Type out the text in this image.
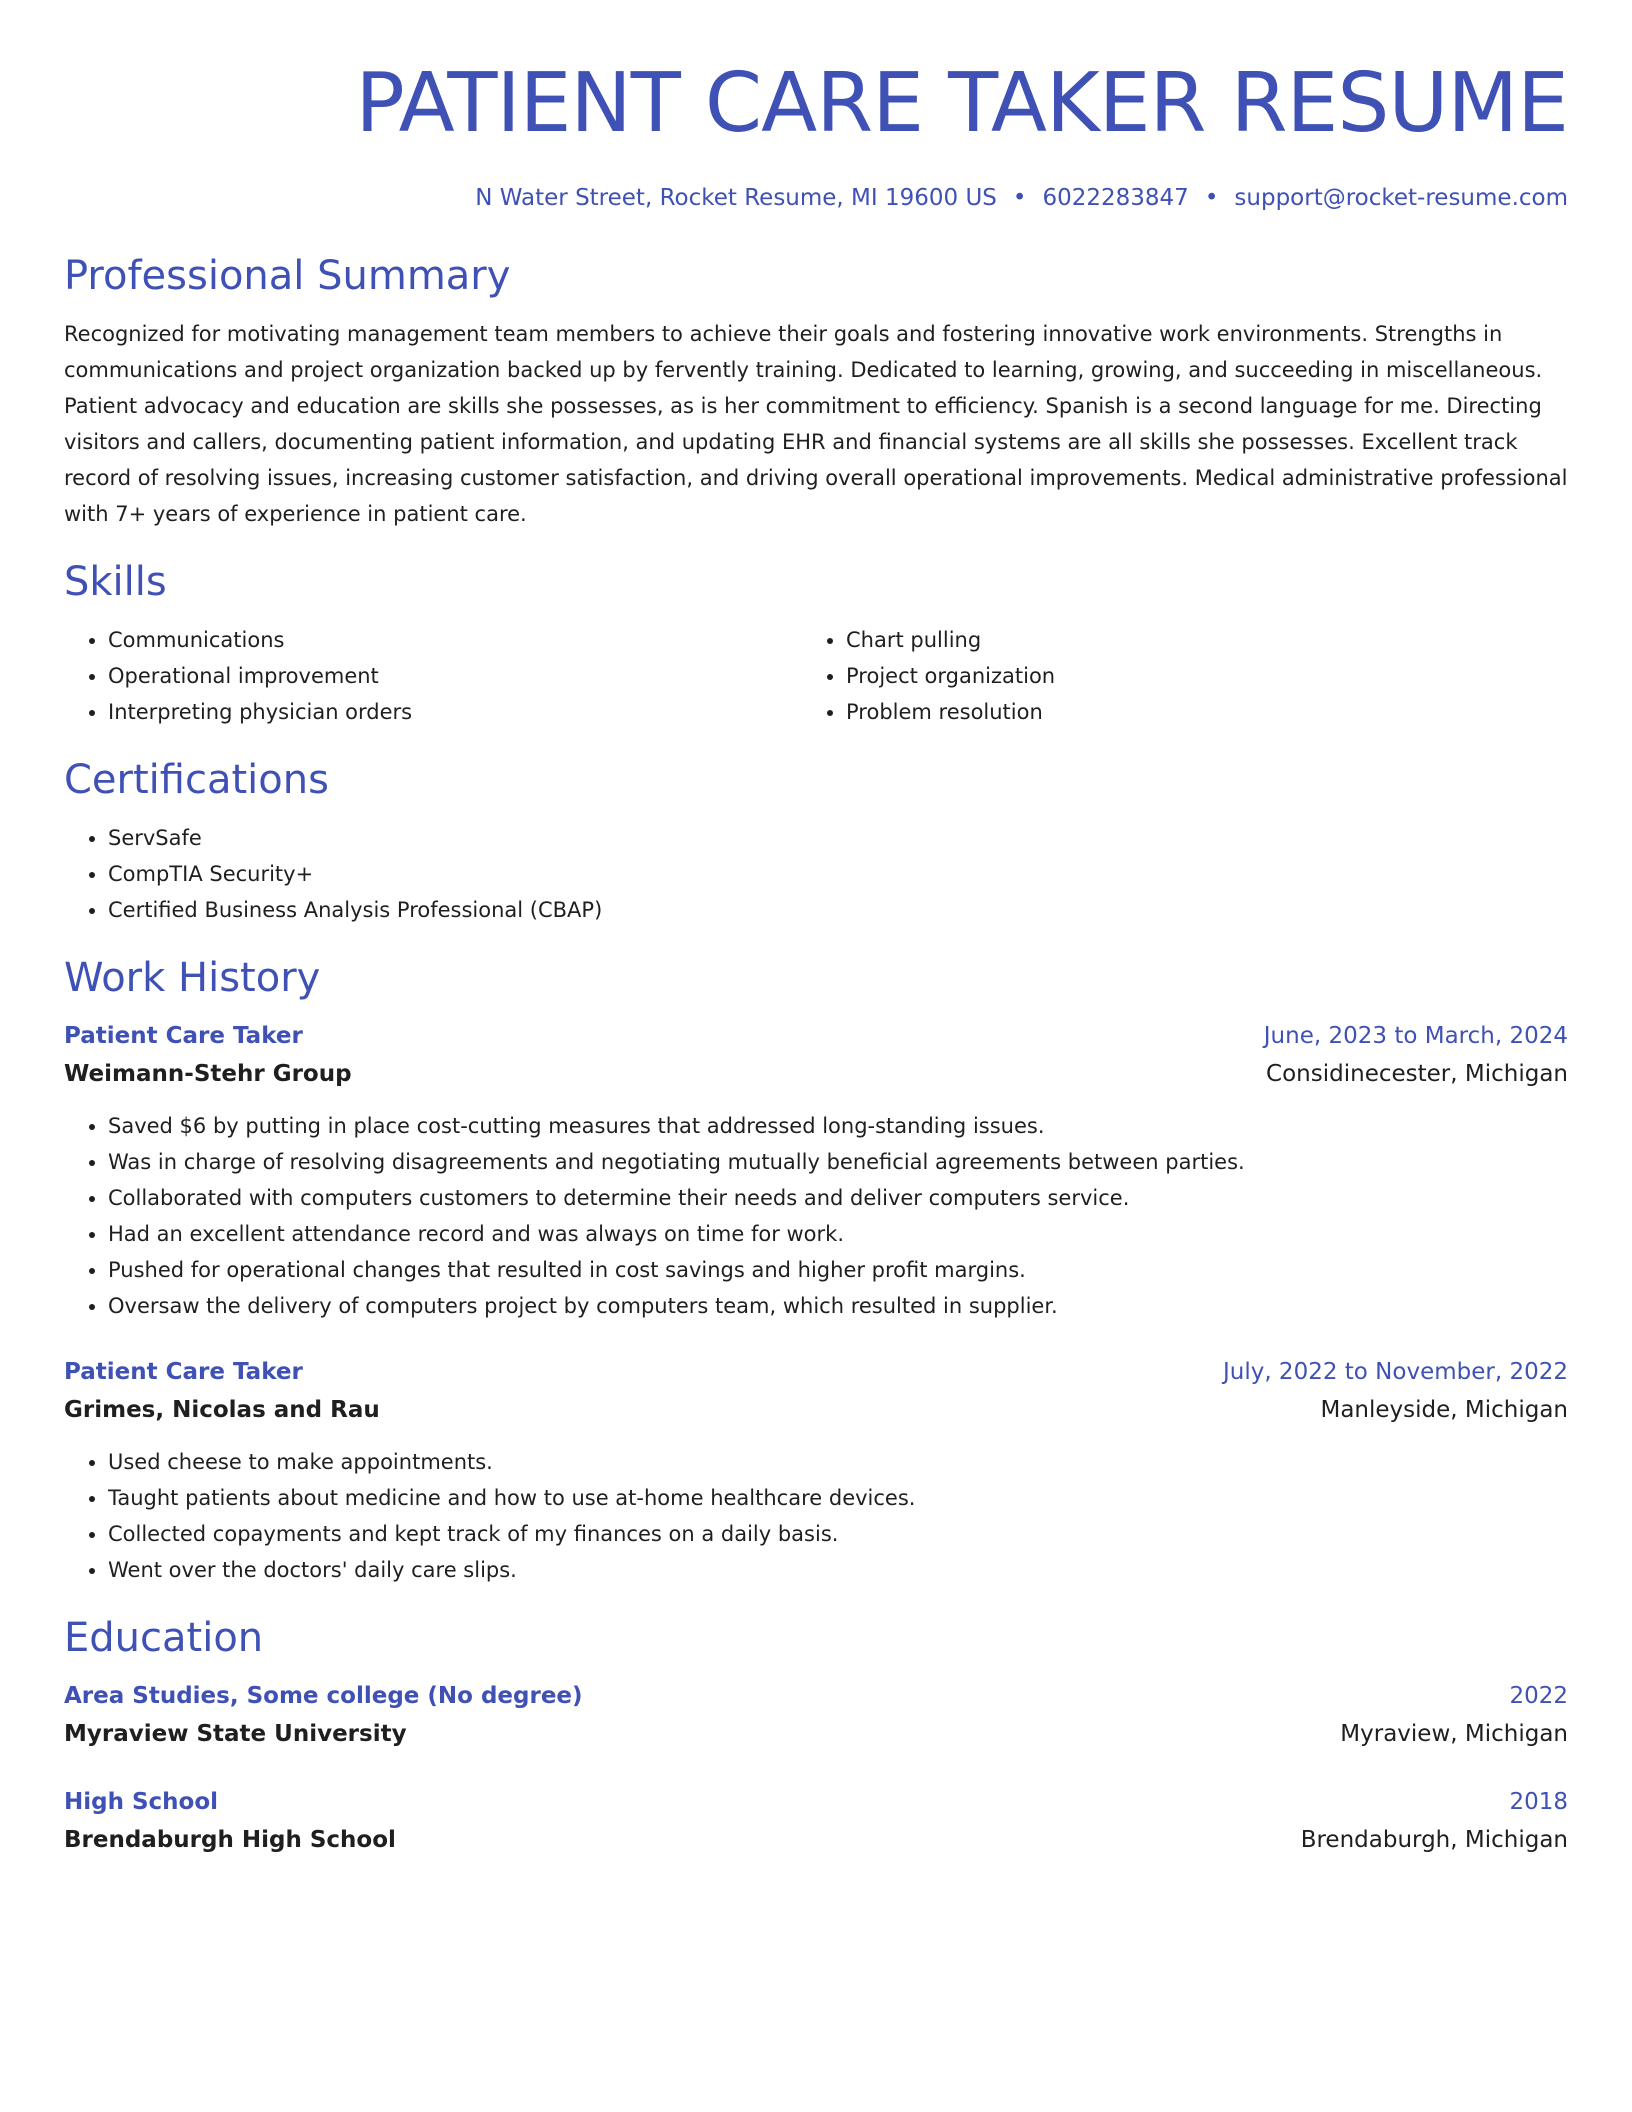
PATIENT CARE TAKER RESUME
N Water Street, Rocket Resume, MI 19600 US • 6022283847 • support@rocket-resume.com
Professional Summary

Recognized for motivating management team members to achieve their goals and fostering innovative work environments. Strengths in communications and project organization backed up by fervently training. Dedicated to learning, growing, and succeeding in miscellaneous. Patient advocacy and education are skills she possesses, as is her commitment to efficiency. Spanish is a second language for me. Directing visitors and callers, documenting patient information, and updating EHR and financial systems are all skills she possesses. Excellent track record of resolving issues, increasing customer satisfaction, and driving overall operational improvements. Medical administrative professional with 7+ years of experience in patient care.

Skills
• Communications
• Operational improvement
• Interpreting physician orders
• Chart pulling
• Project organization
• Problem resolution
Certifications
• ServSafe
• CompTIA Security+
• Certified Business Analysis Professional (CBAP)
Work History
Patient Care Taker	June, 2023 to March, 2024
Weimann-Stehr Group	Considinecester, Michigan
• Saved $6 by putting in place cost-cutting measures that addressed long-standing issues.
• Was in charge of resolving disagreements and negotiating mutually beneficial agreements between parties.
• Collaborated with computers customers to determine their needs and deliver computers service.
• Had an excellent attendance record and was always on time for work.
• Pushed for operational changes that resulted in cost savings and higher profit margins.
• Oversaw the delivery of computers project by computers team, which resulted in supplier.
Patient Care Taker	July, 2022 to November, 2022
Grimes, Nicolas and Rau	Manleyside, Michigan
• Used cheese to make appointments.
• Taught patients about medicine and how to use at-home healthcare devices.
• Collected copayments and kept track of my finances on a daily basis.
• Went over the doctors' daily care slips.
Education
Area Studies, Some college (No degree)	2022
Myraview State University	Myraview, Michigan
High School	2018
Brendaburgh High School	Brendaburgh, Michigan
